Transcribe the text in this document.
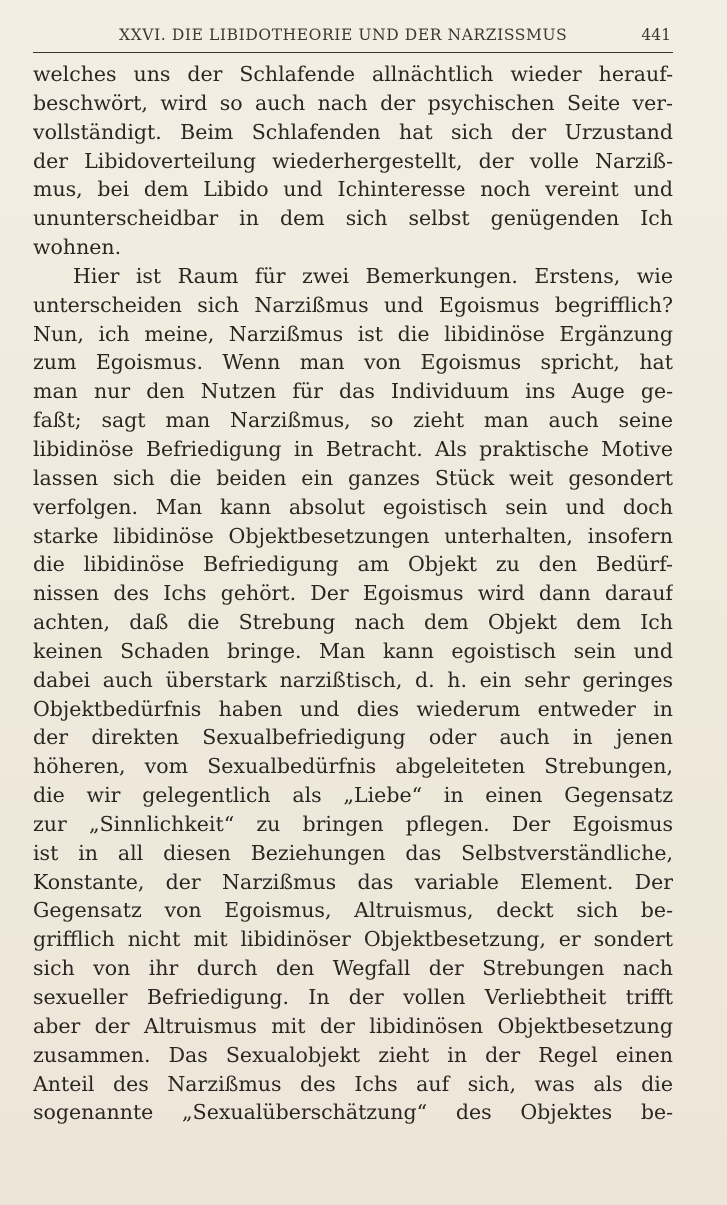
XXVI. DIE LIBIDOTHEORIE UND DER NARZISSMUS	441
welches uns der Schlafende allnächtlich wieder herauf-
beschwört, wird so auch nach der psychischen Seite ver-
vollständigt. Beim Schlafenden hat sich der Urzustand
der Libidoverteilung wiederhergestellt, der volle Narziß-
mus, bei dem Libido und Ichinteresse noch vereint und
ununterscheidbar in dem sich selbst genügenden Ich
wohnen.
Hier ist Raum für zwei Bemerkungen. Erstens, wie
unterscheiden sich Narzißmus und Egoismus begrifflich?
Nun, ich meine, Narzißmus ist die libidinöse Ergänzung
zum Egoismus. Wenn man von Egoismus spricht, hat
man nur den Nutzen für das Individuum ins Auge ge-
faßt; sagt man Narzißmus, so zieht man auch seine
libidinöse Befriedigung in Betracht. Als praktische Motive
lassen sich die beiden ein ganzes Stück weit gesondert
verfolgen. Man kann absolut egoistisch sein und doch
starke libidinöse Objektbesetzungen unterhalten, insofern
die libidinöse Befriedigung am Objekt zu den Bedürf-
nissen des Ichs gehört. Der Egoismus wird dann darauf
achten, daß die Strebung nach dem Objekt dem Ich
keinen Schaden bringe. Man kann egoistisch sein und
dabei auch überstark narzißtisch, d. h. ein sehr geringes
Objektbedürfnis haben und dies wiederum entweder in
der direkten Sexualbefriedigung oder auch in jenen
höheren, vom Sexualbedürfnis abgeleiteten Strebungen,
die wir gelegentlich als „Liebe“ in einen Gegensatz
zur „Sinnlichkeit“ zu bringen pflegen. Der Egoismus
ist in all diesen Beziehungen das Selbstverständliche,
Konstante, der Narzißmus das variable Element. Der
Gegensatz von Egoismus, Altruismus, deckt sich be-
grifflich nicht mit libidinöser Objektbesetzung, er sondert
sich von ihr durch den Wegfall der Strebungen nach
sexueller Befriedigung. In der vollen Verliebtheit trifft
aber der Altruismus mit der libidinösen Objektbesetzung
zusammen. Das Sexualobjekt zieht in der Regel einen
Anteil des Narzißmus des Ichs auf sich, was als die
sogenannte „Sexualüberschätzung“ des Objektes be-
